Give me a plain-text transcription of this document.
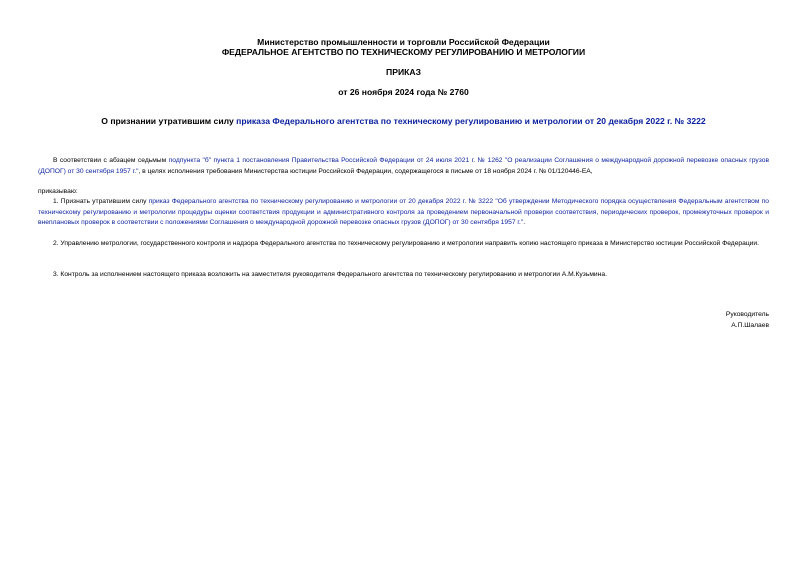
Министерство промышленности и торговли Российской Федерации
ФЕДЕРАЛЬНОЕ АГЕНТСТВО ПО ТЕХНИЧЕСКОМУ РЕГУЛИРОВАНИЮ И МЕТРОЛОГИИ
ПРИКАЗ
от 26 ноября 2024 года № 2760
О признании утратившим силу приказа Федерального агентства по техническому регулированию и метрологии от 20 декабря 2022 г. № 3222
В соответствии с абзацем седьмым подпункта "б" пункта 1 постановления Правительства Российской Федерации от 24 июля 2021 г. № 1262 "О реализации Соглашения о международной дорожной перевозке опасных грузов (ДОПОГ) от 30 сентября 1957 г.", в целях исполнения требования Министерства юстиции Российской Федерации, содержащегося в письме от 18 ноября 2024 г. № 01/120446-ЕА,
приказываю:
1. Признать утратившим силу приказ Федерального агентства по техническому регулированию и метрологии от 20 декабря 2022 г. № 3222 "Об утверждении Методического порядка осуществления Федеральным агентством по техническому регулированию и метрологии процедуры оценки соответствия продукции и административного контроля за проведением первоначальной проверки соответствия, периодических проверок, промежуточных проверок и внеплановых проверок в соответствии с положениями Соглашения о международной дорожной перевозке опасных грузов (ДОПОГ) от 30 сентября 1957 г.".
2. Управлению метрологии, государственного контроля и надзора Федерального агентства по техническому регулированию и метрологии направить копию настоящего приказа в Министерство юстиции Российской Федерации.
3. Контроль за исполнением настоящего приказа возложить на заместителя руководителя Федерального агентства по техническому регулированию и метрологии А.М.Кузьмина.
Руководитель
А.П.Шалаев
